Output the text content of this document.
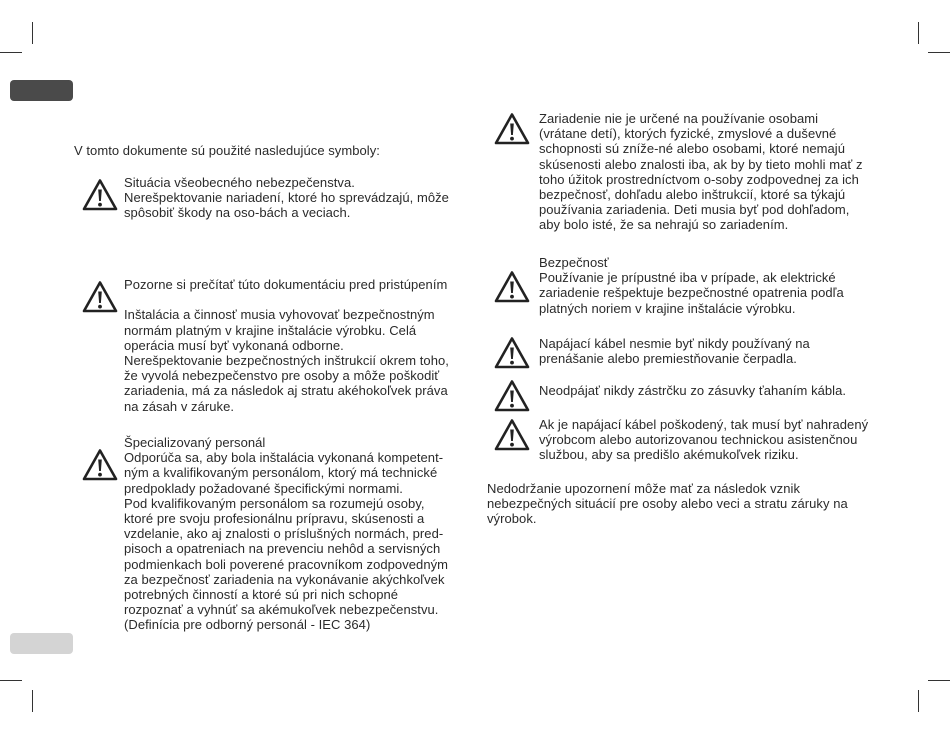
V tomto dokumente sú použité nasledujúce symboly:
Situácia všeobecného nebezpečenstva.
Nerešpektovanie nariadení, ktoré ho sprevádzajú, môže
spôsobiť škody na oso-bách a veciach.
Pozorne si prečítať túto dokumentáciu pred pristúpením

Inštalácia a činnosť musia vyhovovať bezpečnostným
normám platným v krajine inštalácie výrobku. Celá
operácia musí byť vykonaná odborne.
Nerešpektovanie bezpečnostných inštrukcií okrem toho,
že vyvolá nebezpečenstvo pre osoby a môže poškodiť
zariadenia, má za následok aj stratu akéhokoľvek práva
na zásah v záruke.
Špecializovaný personál
Odporúča sa, aby bola inštalácia vykonaná kompetent-
ným a kvalifikovaným personálom, ktorý má technické
predpoklady požadované špecifickými normami.
Pod kvalifikovaným personálom sa rozumejú osoby,
ktoré pre svoju profesionálnu prípravu, skúsenosti a
vzdelanie, ako aj znalosti o príslušných normách, pred-
pisoch a opatreniach na prevenciu nehôd a servisných
podmienkach boli poverené pracovníkom zodpovedným
za bezpečnosť zariadenia na vykonávanie akýchkoľvek
potrebných činností a ktoré sú pri nich schopné
rozpoznať a vyhnúť sa akémukoľvek nebezpečenstvu.
(Definícia pre odborný personál - IEC 364)
Zariadenie nie je určené na používanie osobami
(vrátane detí), ktorých fyzické, zmyslové a duševné
schopnosti sú zníže-né alebo osobami, ktoré nemajú
skúsenosti alebo znalosti iba, ak by by tieto mohli mať z
toho úžitok prostredníctvom o-soby zodpovednej za ich
bezpečnosť, dohľadu alebo inštrukcií, ktoré sa týkajú
používania zariadenia. Deti musia byť pod dohľadom,
aby bolo isté, že sa nehrajú so zariadením.
Bezpečnosť
Používanie je prípustné iba v prípade, ak elektrické
zariadenie rešpektuje bezpečnostné opatrenia podľa
platných noriem v krajine inštalácie výrobku.
Napájací kábel nesmie byť nikdy používaný na
prenášanie alebo premiestňovanie čerpadla.
Neodpájať nikdy zástrčku zo zásuvky ťahaním kábla.
Ak je napájací kábel poškodený, tak musí byť nahradený
výrobcom alebo autorizovanou technickou asistenčnou
službou, aby sa predišlo akémukoľvek riziku.
Nedodržanie upozornení môže mať za následok vznik
nebezpečných situácií pre osoby alebo veci a stratu záruky na
výrobok.
